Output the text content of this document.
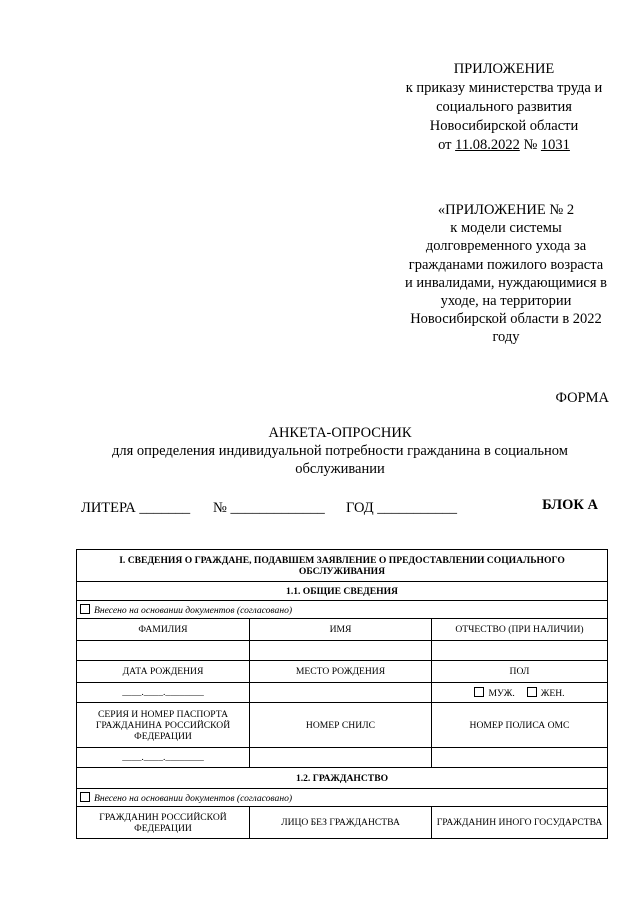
ПРИЛОЖЕНИЕ
к приказу министерства труда и
социального развития
Новосибирской области
от 11.08.2022 № 1031
«ПРИЛОЖЕНИЕ № 2
к модели системы
долговременного ухода за
гражданами пожилого возраста
и инвалидами, нуждающимися в
уходе, на территории
Новосибирской области в 2022
году
ФОРМА
АНКЕТА-ОПРОСНИК
для определения индивидуальной потребности гражданина в социальном
обслуживании
ЛИТЕРА _______ № _____________ ГОД ___________	БЛОК А
I. СВЕДЕНИЯ О ГРАЖДАНЕ, ПОДАВШЕМ ЗАЯВЛЕНИЕ О ПРЕДОСТАВЛЕНИИ СОЦИАЛЬНОГО ОБСЛУЖИВАНИЯ		
1.1. ОБЩИЕ СВЕДЕНИЯ		
Внесено на основании документов (согласовано)		
ФАМИЛИЯ	ИМЯ	ОТЧЕСТВО (ПРИ НАЛИЧИИ)

ДАТА РОЖДЕНИЯ	МЕСТО РОЖДЕНИЯ	ПОЛ
____.____.________		МУЖ. ЖЕН.
СЕРИЯ И НОМЕР ПАСПОРТА ГРАЖДАНИНА РОССИЙСКОЙ ФЕДЕРАЦИИ	НОМЕР СНИЛС	НОМЕР ПОЛИСА ОМС
____.____.________		
1.2. ГРАЖДАНСТВО		
Внесено на основании документов (согласовано)		
ГРАЖДАНИН РОССИЙСКОЙ ФЕДЕРАЦИИ	ЛИЦО БЕЗ ГРАЖДАНСТВА	ГРАЖДАНИН ИНОГО ГОСУДАРСТВА
